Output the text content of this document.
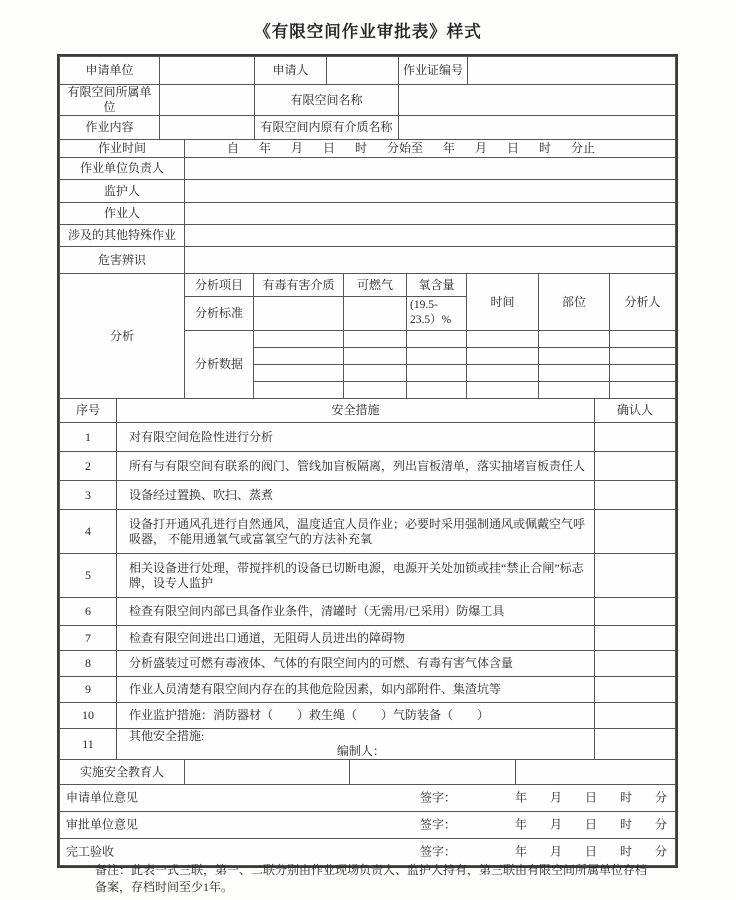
《有限空间作业审批表》样式
申请单位		申请人		作业证编号	
有限空间所属单位		有限空间名称			
作业内容		有限空间内原有介质名称			
作业时间	自 年 月 日 时 分始至 年 月 日 时 分止
作业单位负责人	
监护人	
作业人	
涉及的其他特殊作业	
危害辨识	
分析	分析项目	有毒有害介质	可燃气	氧含量	时间	部位	分析人
	分析标准			(19.5-23.5）%			
	分析数据						

序号	安全措施	确认人
1	对有限空间危险性进行分析	
2	所有与有限空间有联系的阀门、管线加盲板隔离，列出盲板清单，落实抽堵盲板责任人	
3	设备经过置换、吹扫、蒸煮	
4	设备打开通风孔进行自然通风，温度适宜人员作业；必要时采用强制通风或佩戴空气呼吸器， 不能用通氧气或富氧空气的方法补充氧	
5	相关设备进行处理，带搅拌机的设备已切断电源，电源开关处加锁或挂“禁止合闸”标志牌，设专人监护	
6	检查有限空间内部已具备作业条件，清罐时（无需用/已采用）防爆工具	
7	检查有限空间进出口通道，无阻碍人员进出的障碍物	
8	分析盛装过可燃有毒液体、气体的有限空间内的可燃、有毒有害气体含量	
9	作业人员清楚有限空间内存在的其他危险因素，如内部附件、集渣坑等	
10	作业监护措施：消防器材（　　）救生绳（　　）气防装备（　　）	
11	其他安全措施:
编制人：	

实施安全教育人			

申请单位意见	签字：	年 月 日 时 分

审批单位意见	签字：	年 月 日 时 分

完工验收	签字：	年 月 日 时 分
备注：此表一式三联，第一、二联分别由作业现场负责人、监护人持有，第三联由有限空间所属单位存档
备案，存档时间至少1年。
